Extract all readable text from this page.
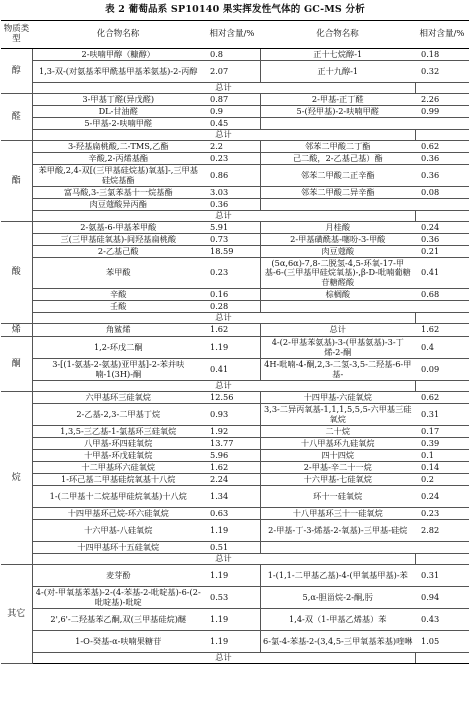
表 2 葡萄品系 SP10140 果实挥发性气体的 GC-MS 分析
物质类型	化合物名称	相对含量/%	化合物名称	相对含量/%	
醇	2-呋喃甲醇（糠醇）	0.8	正十七烷醇-1	0.18	
	1,3-双-(对氨基苯甲酰基甲基苯氨基)-2-丙醇	2.07	正十九醇-1	0.32	
	总计		
醛	3-甲基丁醛(异戊醛)	0.87	2-甲基-正丁醛	2.26	
	DL-甘油醛	0.9	5-(羟甲基)-2-呋喃甲醛	0.99	
	5-甲基-2-呋喃甲醛	0.45			
	总计		
酯	3-羟基扁桃酸,二-TMS,乙酯	2.2	邻苯二甲酸二丁酯	0.62	
	辛酸,2-丙烯基酯	0.23	己二酸，2-乙基己基）酯	0.36	
	苯甲酸,2,4-双[(三甲基硅烷基)氧基]-,三甲基硅烷基酯	0.86	邻苯二甲酸二正辛酯	0.36	
	富马酸,3-三氯苯基十一烷基酯	3.03	邻苯二甲酸二异辛酯	0.08	
	肉豆蔻酸异丙酯	0.36			
	总计		
酸	2-氨基-6-甲基苯甲酸	5.91	月桂酸	0.24	
	三(三甲基硅氧基)-间羟基扁桃酸	0.73	2-甲基磺酰基-噻吩-3-甲酸	0.36	
	2-乙基己酸	18.59	肉豆蔻酸	0.21	
	苯甲酸	0.23	(5α,6α)-7,8-二脱氢-4,5-环氧-17-甲基-6-(三甲基甲硅烷氧基)-,β-D-吡喃葡糖苷糖醛酸	0.41	
	辛酸	0.16	棕榈酸	0.68	
	壬酸	0.28			
	总计		
烯	角鲨烯	1.62	总计	1.62	
酮	1,2-环戊二酮	1.19	4-(2-甲基苯氨基)-3-(甲基氨基)-3-丁烯-2-酮	0.4	
	3-[(1-氨基-2-氨基)亚甲基]-2-苯并呋喃-1(3H)-酮	0.41	4H-吡喃-4-酮,2,3-二氢-3,5-二羟基-6-甲基-	0.09	
	总计		
烷	六甲基环三硅氧烷	12.56	十四甲基-六硅氧烷	0.62	
	2-乙基-2,3-二甲基丁烷	0.93	3,3-二异丙氧基-1,1,1,5,5,5-六甲基三硅氧烷	0.31	
	1,3,5-三乙基-1-氯基环三硅氧烷	1.92	二十烷	0.17	
	八甲基-环四硅氧烷	13.77	十八甲基环九硅氧烷	0.39	
	十甲基-环戊硅氧烷	5.96	四十四烷	0.1	
	十二甲基环六硅氧烷	1.62	2-甲基-辛二十一烷	0.14	
	1-环己基二甲基硅烷氧基十八烷	2.24	十六甲基-七硅氧烷	0.2	
	1-(二甲基十二烷基甲硅烷氧基)十八烷	1.34	环十一硅氧烷	0.24	
	十四甲基环己烷-环六硅氧烷	0.63	十八甲基环三十一硅氧烷	0.23	
	十六甲基-八硅氧烷	1.19	2-甲基-丁-3-烯基-2-氧基)-三甲基-硅烷	2.82	
	十四甲基环十五硅氧烷	0.51			
	总计		
其它	麦芽酚	1.19	1-(1,1-二甲基乙基)-4-(甲氧基甲基)-苯	0.31	
	4-(对-甲氧基苯基)-2-(4-苯基-2-吡啶基)-6-(2-吡啶基)-吡啶	0.53	5,α-胆甾烷-2-酮,肟	0.94	
	2',6'-二羟基苯乙酮,双(三甲基硅烷)醚	1.19	1,4-双（1-甲基乙烯基）苯	0.43	
	1-O-癸基-α-呋喃果糖苷	1.19	6-氯-4-苯基-2-(3,4,5-三甲氧基苯基)喹啉	1.05	
	总计		
